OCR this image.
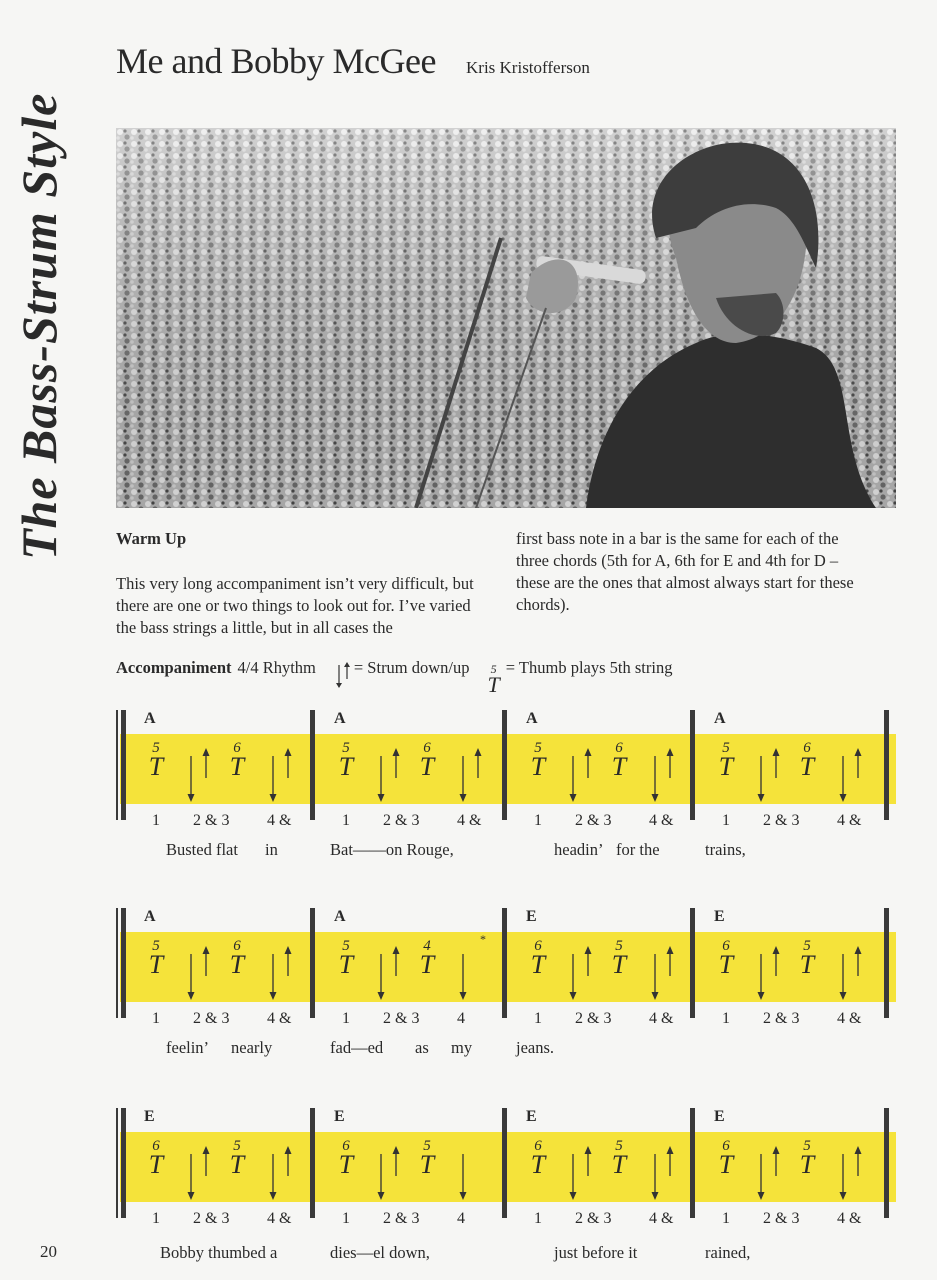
The Bass-Strum Style
Me and Bobby McGee Kris Kristofferson
Warm Up
This very long accompaniment isn’t very difficult, but there are one or two things to look out for. I’ve varied the bass strings a little, but in all cases the
first bass note in a bar is the same for each of the
three chords (5th for A, 6th for E and 4th for D –
these are the ones that almost always start for these
chords).
Accompaniment 4/4 Rhythm = Strum down/up 5
T
= Thumb plays 5th string
A
5
T
6
T
1 2 & 3 4 &
A
5
T
6
T
1 2 & 3 4 &
A
5
T
6
T
1 2 & 3 4 &
A
5
T
6
T
1 2 & 3 4 &
Busted flat in	Bat——on Rouge,	headin’ for the	trains,
A
5
T
6
T
1 2 & 3 4 &
A
5
T
4
T
*
1 2 & 3 4
E
6
T
5
T
1 2 & 3 4 &
E
6
T
5
T
1 2 & 3 4 &
feelin’ nearly	fad—ed as my	jeans.
E
6
T
5
T
1 2 & 3 4 &
E
6
T
5
T
1 2 & 3 4
E
6
T
5
T
1 2 & 3 4 &
E
6
T
5
T
1 2 & 3 4 &
Bobby thumbed a	dies—el down,	just before it	rained,
20
